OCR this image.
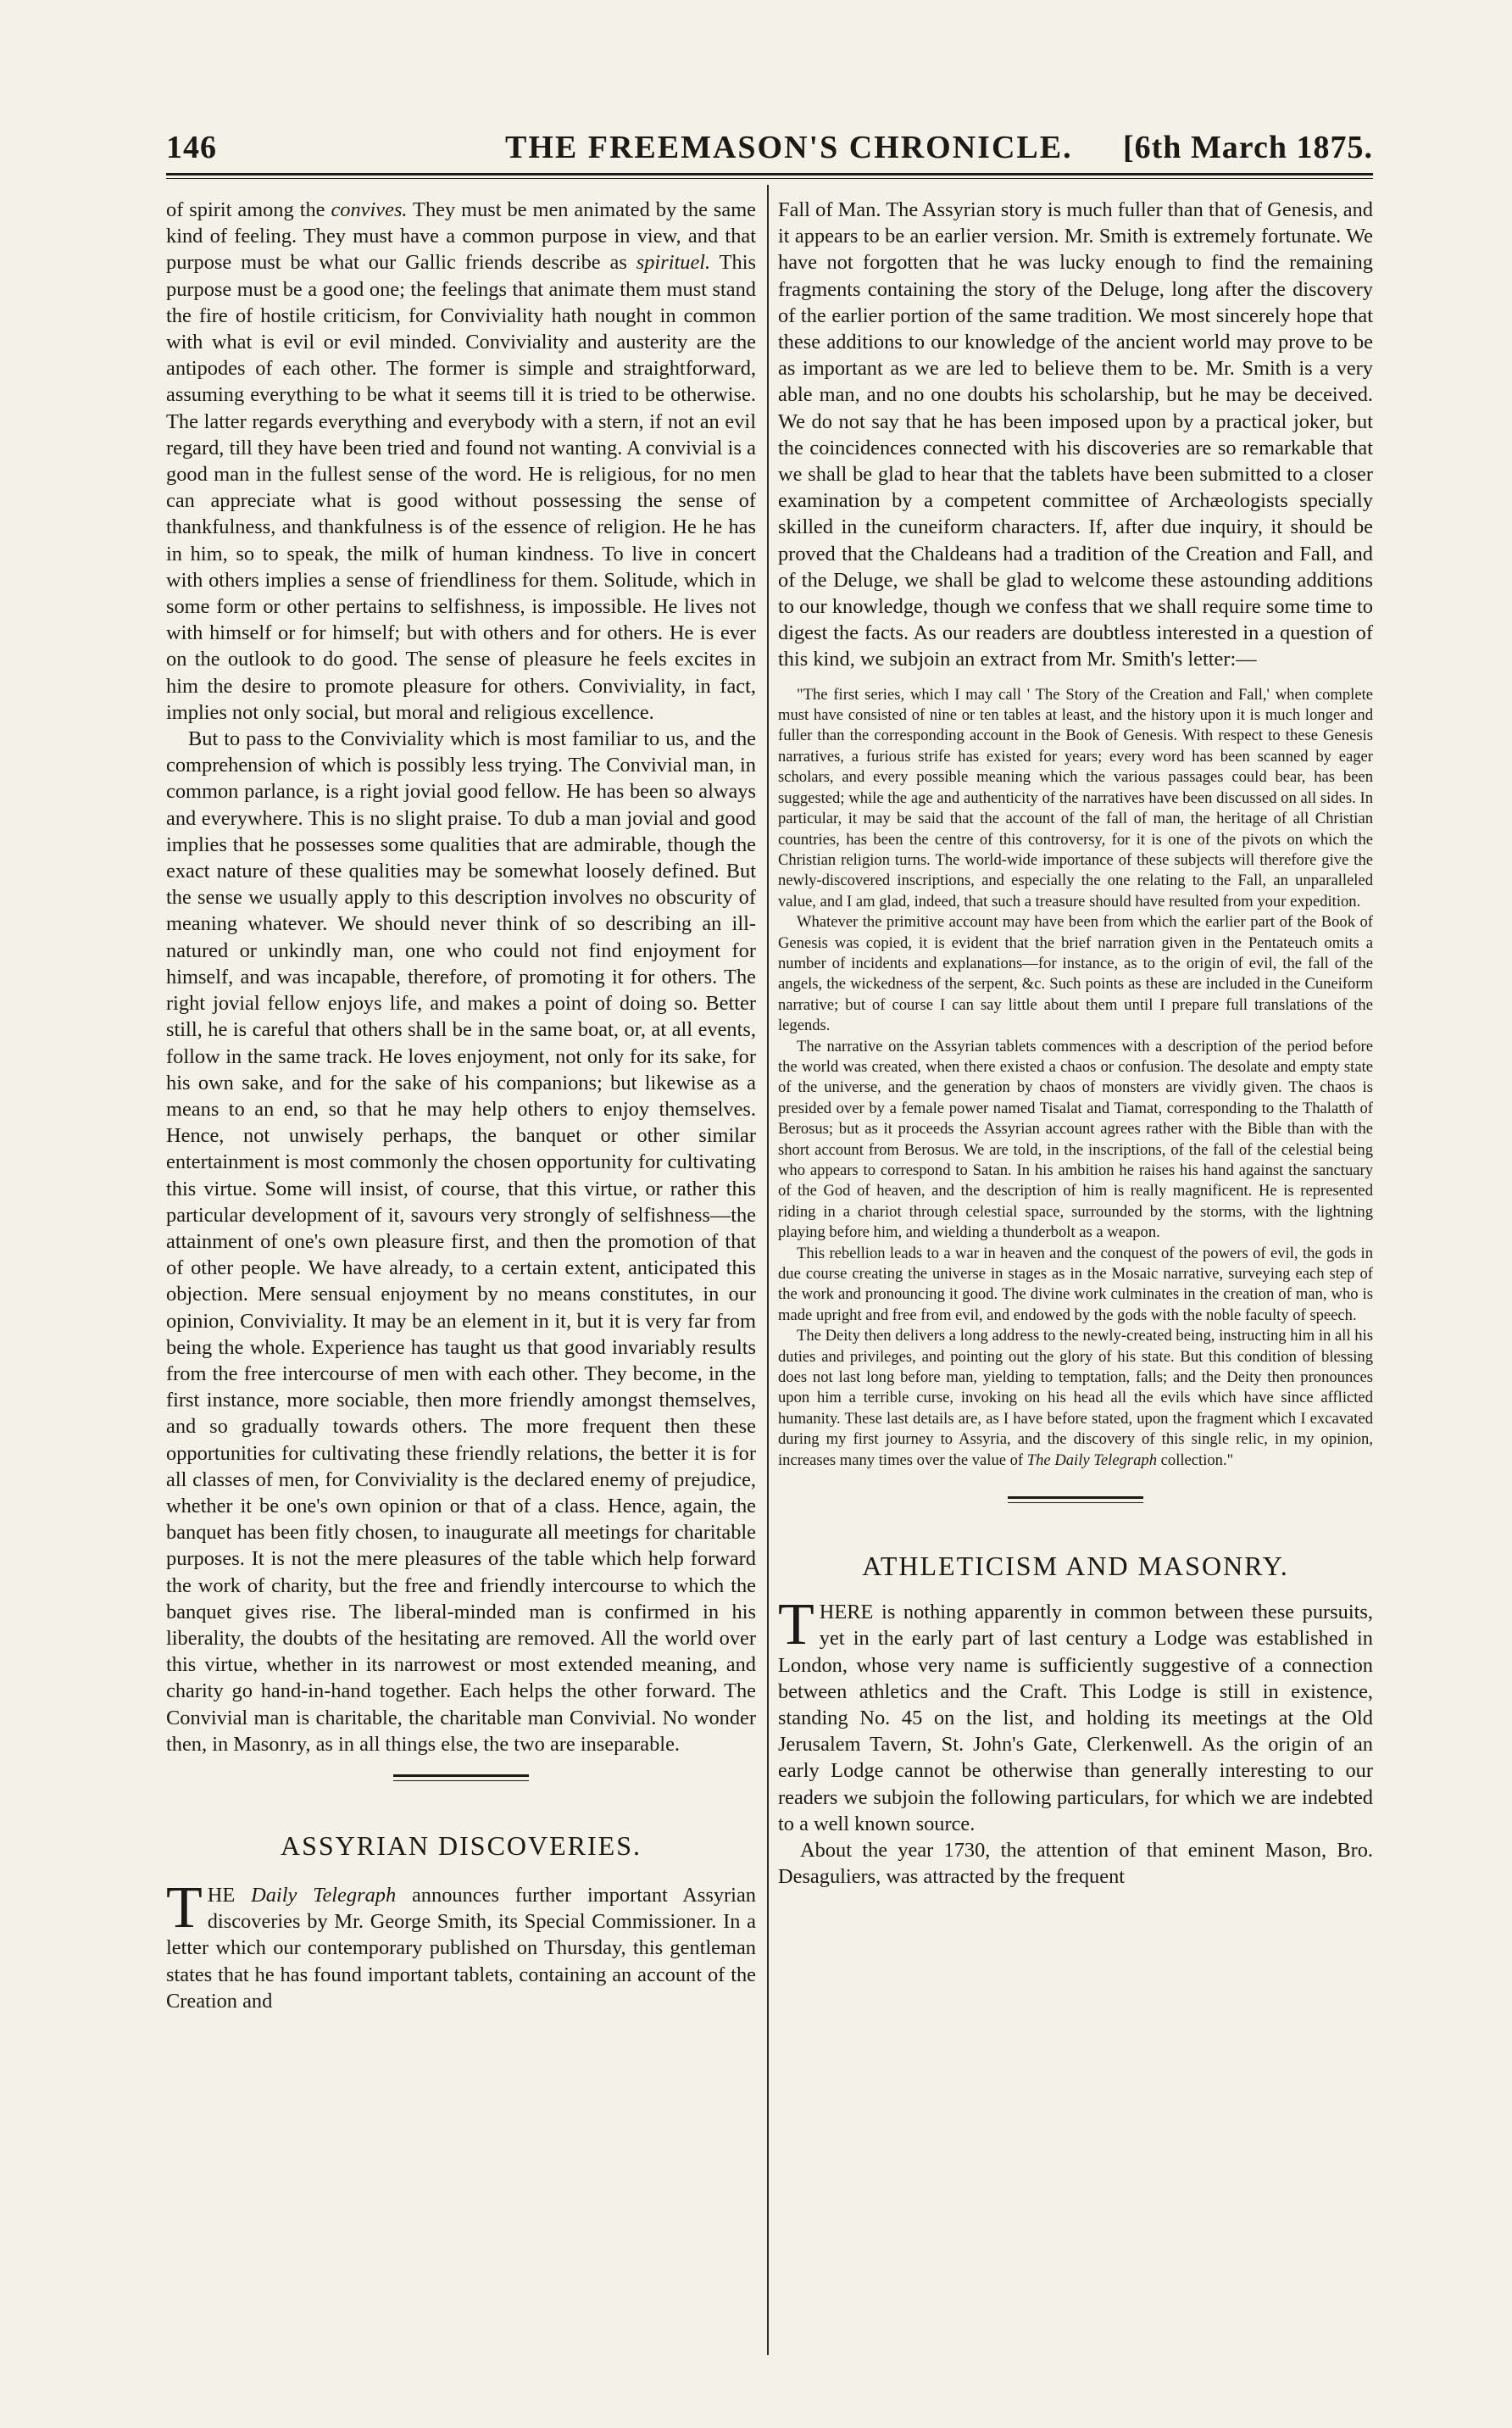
146	THE FREEMASON'S CHRONICLE. [6th March 1875.

of spirit among the convives. They must be men animated by the same kind of feeling. They must have a common purpose in view, and that purpose must be what our Gallic friends describe as spirituel. This purpose must be a good one; the feelings that animate them must stand the fire of hostile criticism, for Conviviality hath nought in common with what is evil or evil minded. Conviviality and austerity are the antipodes of each other. The former is simple and straightforward, assuming everything to be what it seems till it is tried to be otherwise. The latter regards everything and everybody with a stern, if not an evil regard, till they have been tried and found not wanting. A convivial is a good man in the fullest sense of the word. He is religious, for no men can appreciate what is good without possessing the sense of thankfulness, and thankfulness is of the essence of religion. He he has in him, so to speak, the milk of human kindness. To live in concert with others implies a sense of friendliness for them. Solitude, which in some form or other pertains to selfishness, is impossible. He lives not with himself or for himself; but with others and for others. He is ever on the outlook to do good. The sense of pleasure he feels excites in him the desire to promote pleasure for others. Conviviality, in fact, implies not only social, but moral and religious excellence.

But to pass to the Conviviality which is most familiar to us, and the comprehension of which is possibly less trying. The Convivial man, in common parlance, is a right jovial good fellow. He has been so always and everywhere. This is no slight praise. To dub a man jovial and good implies that he possesses some qualities that are admirable, though the exact nature of these qualities may be somewhat loosely defined. But the sense we usually apply to this description involves no obscurity of meaning whatever. We should never think of so describing an ill-natured or unkindly man, one who could not find enjoyment for himself, and was incapable, therefore, of promoting it for others. The right jovial fellow enjoys life, and makes a point of doing so. Better still, he is careful that others shall be in the same boat, or, at all events, follow in the same track. He loves enjoyment, not only for its sake, for his own sake, and for the sake of his companions; but likewise as a means to an end, so that he may help others to enjoy themselves. Hence, not unwisely perhaps, the banquet or other similar entertainment is most commonly the chosen opportunity for cultivating this virtue. Some will insist, of course, that this virtue, or rather this particular development of it, savours very strongly of selfishness—the attainment of one's own pleasure first, and then the promotion of that of other people. We have already, to a certain extent, anticipated this objection. Mere sensual enjoyment by no means constitutes, in our opinion, Conviviality. It may be an element in it, but it is very far from being the whole. Experience has taught us that good invariably results from the free intercourse of men with each other. They become, in the first instance, more sociable, then more friendly amongst themselves, and so gradually towards others. The more frequent then these opportunities for cultivating these friendly relations, the better it is for all classes of men, for Conviviality is the declared enemy of prejudice, whether it be one's own opinion or that of a class. Hence, again, the banquet has been fitly chosen, to inaugurate all meetings for charitable purposes. It is not the mere pleasures of the table which help forward the work of charity, but the free and friendly intercourse to which the banquet gives rise. The liberal-minded man is confirmed in his liberality, the doubts of the hesitating are removed. All the world over this virtue, whether in its narrowest or most extended meaning, and charity go hand-in-hand together. Each helps the other forward. The Convivial man is charitable, the charitable man Convivial. No wonder then, in Masonry, as in all things else, the two are inseparable.

ASSYRIAN DISCOVERIES.
T HE Daily Telegraph announces further important Assyrian discoveries by Mr. George Smith, its Special Commissioner. In a letter which our contemporary published on Thursday, this gentleman states that he has found important tablets, containing an account of the Creation and

Fall of Man. The Assyrian story is much fuller than that of Genesis, and it appears to be an earlier version. Mr. Smith is extremely fortunate. We have not forgotten that he was lucky enough to find the remaining fragments containing the story of the Deluge, long after the discovery of the earlier portion of the same tradition. We most sincerely hope that these additions to our knowledge of the ancient world may prove to be as important as we are led to believe them to be. Mr. Smith is a very able man, and no one doubts his scholarship, but he may be deceived. We do not say that he has been imposed upon by a practical joker, but the coincidences connected with his discoveries are so remarkable that we shall be glad to hear that the tablets have been submitted to a closer examination by a competent committee of Archæologists specially skilled in the cuneiform characters. If, after due inquiry, it should be proved that the Chaldeans had a tradition of the Creation and Fall, and of the Deluge, we shall be glad to welcome these astounding additions to our knowledge, though we confess that we shall require some time to digest the facts. As our readers are doubtless interested in a question of this kind, we subjoin an extract from Mr. Smith's letter:—

"The first series, which I may call ' The Story of the Creation and Fall,' when complete must have consisted of nine or ten tables at least, and the history upon it is much longer and fuller than the corresponding account in the Book of Genesis. With respect to these Genesis narratives, a furious strife has existed for years; every word has been scanned by eager scholars, and every possible meaning which the various passages could bear, has been suggested; while the age and authenticity of the narratives have been discussed on all sides. In particular, it may be said that the account of the fall of man, the heritage of all Christian countries, has been the centre of this controversy, for it is one of the pivots on which the Christian religion turns. The world-wide importance of these subjects will therefore give the newly-discovered inscriptions, and especially the one relating to the Fall, an unparalleled value, and I am glad, indeed, that such a treasure should have resulted from your expedition.

Whatever the primitive account may have been from which the earlier part of the Book of Genesis was copied, it is evident that the brief narration given in the Pentateuch omits a number of incidents and explanations—for instance, as to the origin of evil, the fall of the angels, the wickedness of the serpent, &c. Such points as these are included in the Cuneiform narrative; but of course I can say little about them until I prepare full translations of the legends.

The narrative on the Assyrian tablets commences with a description of the period before the world was created, when there existed a chaos or confusion. The desolate and empty state of the universe, and the generation by chaos of monsters are vividly given. The chaos is presided over by a female power named Tisalat and Tiamat, corresponding to the Thalatth of Berosus; but as it proceeds the Assyrian account agrees rather with the Bible than with the short account from Berosus. We are told, in the inscriptions, of the fall of the celestial being who appears to correspond to Satan. In his ambition he raises his hand against the sanctuary of the God of heaven, and the description of him is really magnificent. He is represented riding in a chariot through celestial space, surrounded by the storms, with the lightning playing before him, and wielding a thunderbolt as a weapon.

This rebellion leads to a war in heaven and the conquest of the powers of evil, the gods in due course creating the universe in stages as in the Mosaic narrative, surveying each step of the work and pronouncing it good. The divine work culminates in the creation of man, who is made upright and free from evil, and endowed by the gods with the noble faculty of speech.

The Deity then delivers a long address to the newly-created being, instructing him in all his duties and privileges, and pointing out the glory of his state. But this condition of blessing does not last long before man, yielding to temptation, falls; and the Deity then pronounces upon him a terrible curse, invoking on his head all the evils which have since afflicted humanity. These last details are, as I have before stated, upon the fragment which I excavated during my first journey to Assyria, and the discovery of this single relic, in my opinion, increases many times over the value of The Daily Telegraph collection."

ATHLETICISM AND MASONRY.
T HERE is nothing apparently in common between these pursuits, yet in the early part of last century a Lodge was established in London, whose very name is sufficiently suggestive of a connection between athletics and the Craft. This Lodge is still in existence, standing No. 45 on the list, and holding its meetings at the Old Jerusalem Tavern, St. John's Gate, Clerkenwell. As the origin of an early Lodge cannot be otherwise than generally interesting to our readers we subjoin the following particulars, for which we are indebted to a well known source.

About the year 1730, the attention of that eminent Mason, Bro. Desaguliers, was attracted by the frequent
